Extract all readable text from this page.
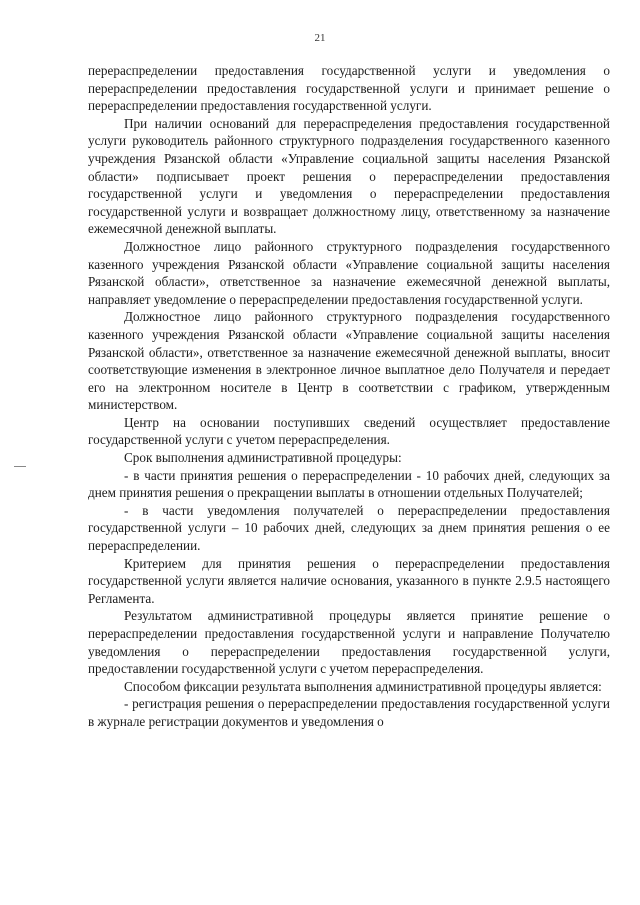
21

перераспределении предоставления государственной услуги и уведомления о перераспределении предоставления государственной услуги и принимает решение о перераспределении предоставления государственной услуги.

При наличии оснований для перераспределения предоставления государственной услуги руководитель районного структурного подразделения государственного казенного учреждения Рязанской области «Управление социальной защиты населения Рязанской области» подписывает проект решения о перераспределении предоставления государственной услуги и уведомления о перераспределении предоставления государственной услуги и возвращает должностному лицу, ответственному за назначение ежемесячной денежной выплаты.

Должностное лицо районного структурного подразделения государственного казенного учреждения Рязанской области «Управление социальной защиты населения Рязанской области», ответственное за назначение ежемесячной денежной выплаты, направляет уведомление о перераспределении предоставления государственной услуги.

Должностное лицо районного структурного подразделения государственного казенного учреждения Рязанской области «Управление социальной защиты населения Рязанской области», ответственное за назначение ежемесячной денежной выплаты, вносит соответствующие изменения в электронное личное выплатное дело Получателя и передает его на электронном носителе в Центр в соответствии с графиком, утвержденным министерством.

Центр на основании поступивших сведений осуществляет предоставление государственной услуги с учетом перераспределения.

Срок выполнения административной процедуры:

- в части принятия решения о перераспределении - 10 рабочих дней, следующих за днем принятия решения о прекращении выплаты в отношении отдельных Получателей;

- в части уведомления получателей о перераспределении предоставления государственной услуги – 10 рабочих дней, следующих за днем принятия решения о ее перераспределении.

Критерием для принятия решения о перераспределении предоставления государственной услуги является наличие основания, указанного в пункте 2.9.5 настоящего Регламента.

Результатом административной процедуры является принятие решение о перераспределении предоставления государственной услуги и направление Получателю уведомления о перераспределении предоставления государственной услуги, предоставлении государственной услуги с учетом перераспределения.

Способом фиксации результата выполнения административной процедуры является:

- регистрация решения о перераспределении предоставления государственной услуги в журнале регистрации документов и уведомления о
